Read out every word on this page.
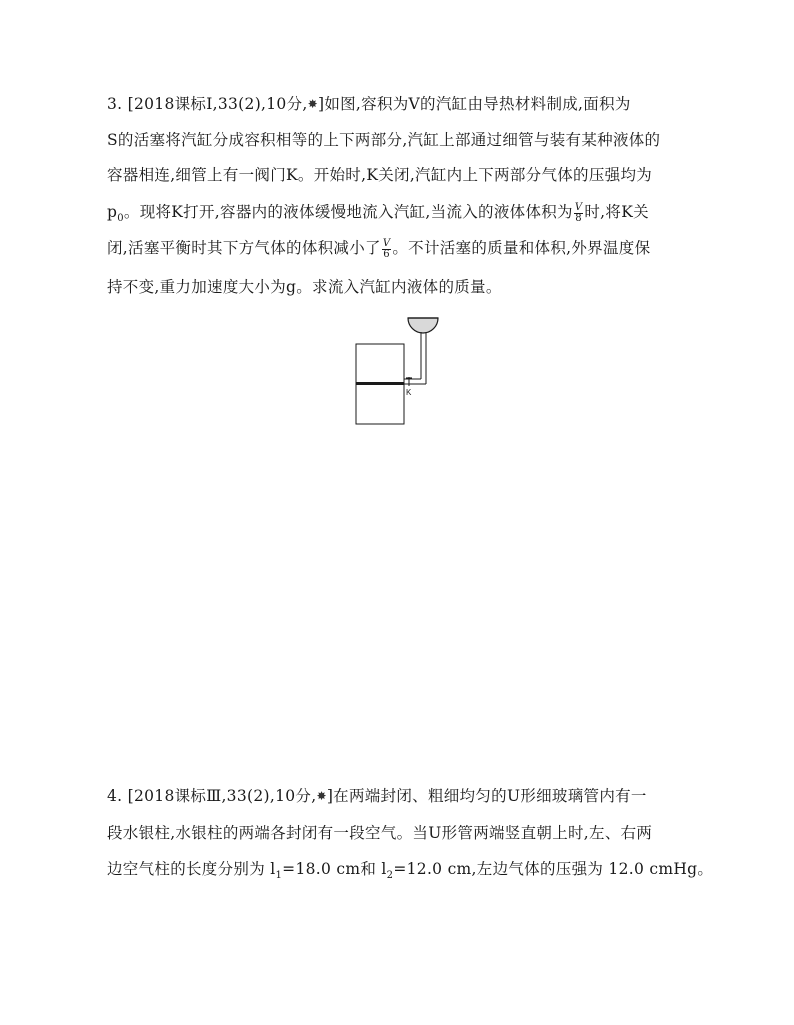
3. [2018课标Ⅰ,33(2),10分,✸]如图,容积为V的汽缸由导热材料制成,面积为
S的活塞将汽缸分成容积相等的上下两部分,汽缸上部通过细管与装有某种液体的
容器相连,细管上有一阀门K。开始时,K关闭,汽缸内上下两部分气体的压强均为
$p_0$。现将K打开,容器内的液体缓慢地流入汽缸,当流入的液体体积为 $\frac{V}{8}$ 时,将K关
闭,活塞平衡时其下方气体的体积减小了 $\frac{V}{6}$ 。不计活塞的质量和体积,外界温度保
持不变,重力加速度大小为g。求流入汽缸内液体的质量。
K
4. [2018课标Ⅲ,33(2),10分,✸]在两端封闭、粗细均匀的U形细玻璃管内有一
段水银柱,水银柱的两端各封闭有一段空气。当U形管两端竖直朝上时,左、右两
边空气柱的长度分别为 $l_1=18.0$ cm和 $l_2=12.0$ cm,左边气体的压强为 12.0 cmHg。
